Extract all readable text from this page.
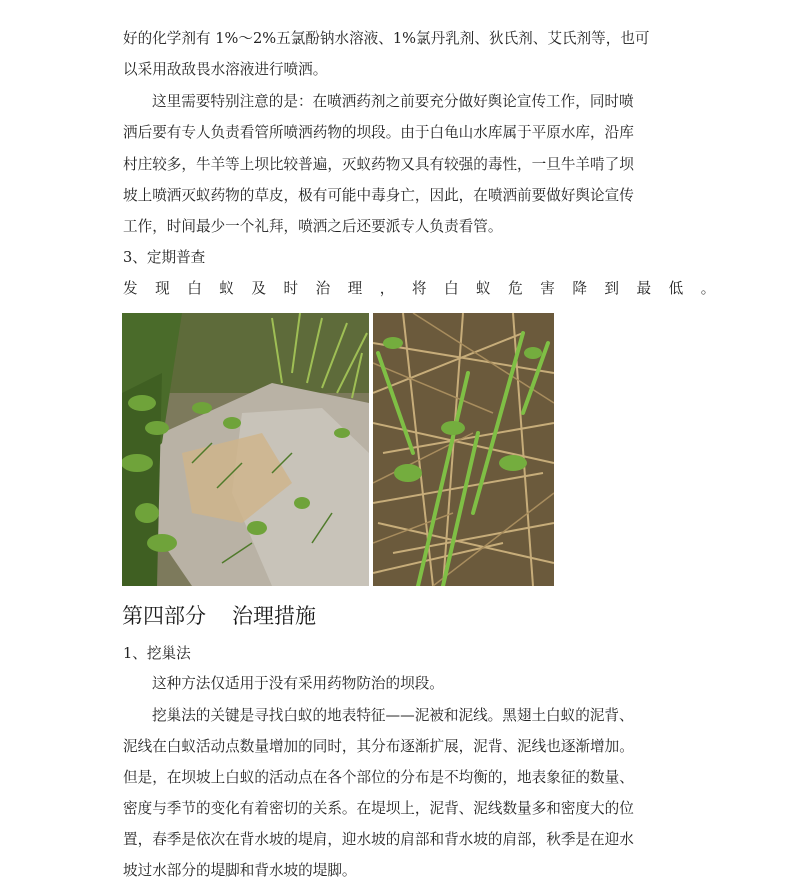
好的化学剂有 1%～2%五氯酚钠水溶液、1%氯丹乳剂、狄氏剂、艾氏剂等，也可
以采用敌敌畏水溶液进行喷洒。
这里需要特别注意的是：在喷洒药剂之前要充分做好舆论宣传工作，同时喷
洒后要有专人负责看管所喷洒药物的坝段。由于白龟山水库属于平原水库，沿库
村庄较多，牛羊等上坝比较普遍，灭蚁药物又具有较强的毒性，一旦牛羊啃了坝
坡上喷洒灭蚁药物的草皮，极有可能中毒身亡，因此，在喷洒前要做好舆论宣传
工作，时间最少一个礼拜，喷洒之后还要派专人负责看管。
3、定期普查
发现白蚁及时治理，将白蚁危害降到最低。
第四部分 治理措施
1、挖巢法
这种方法仅适用于没有采用药物防治的坝段。
挖巢法的关键是寻找白蚁的地表特征——泥被和泥线。黑翅土白蚁的泥背、
泥线在白蚁活动点数量增加的同时，其分布逐渐扩展，泥背、泥线也逐渐增加。
但是，在坝坡上白蚁的活动点在各个部位的分布是不均衡的，地表象征的数量、
密度与季节的变化有着密切的关系。在堤坝上，泥背、泥线数量多和密度大的位
置，春季是依次在背水坡的堤肩，迎水坡的肩部和背水坡的肩部，秋季是在迎水
坡过水部分的堤脚和背水坡的堤脚。
